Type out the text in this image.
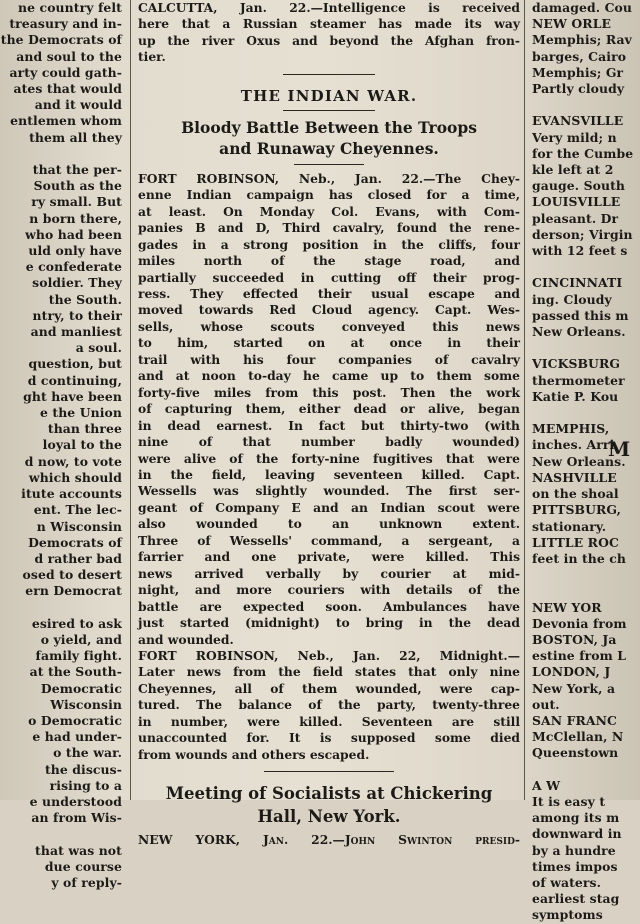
ne country felt
treasury and in-
the Democrats of
and soul to the
arty could gath-
ates that would
and it would
entlemen whom
them all they

that the per-
South as the
ry small. But
n born there,
who had been
uld only have
e confederate
soldier. They
the South.
ntry, to their
and manliest
a soul.
question, but
d continuing,
ght have been
e the Union
than three
loyal to the
d now, to vote
which should
itute accounts
ent. The lec-
n Wisconsin
Democrats of
d rather bad
osed to desert
ern Democrat

esired to ask
o yield, and
family fight.
at the South-
Democratic
Wisconsin
o Democratic
e had under-
o the war.
the discus-
rising to a
e understood
an from Wis-

that was not
due course
y of reply-
CALCUTTA, Jan. 22.—Intelligence is received
here that a Russian steamer has made its way
up the river Oxus and beyond the Afghan fron-
tier.
THE INDIAN WAR.
Bloody Battle Between the Troops
and Runaway Cheyennes.
FORT ROBINSON, Neb., Jan. 22.—The Chey-
enne Indian campaign has closed for a time,
at least. On Monday Col. Evans, with Com-
panies B and D, Third cavalry, found the rene-
gades in a strong position in the cliffs, four
miles north of the stage road, and
partially succeeded in cutting off their prog-
ress. They effected their usual escape and
moved towards Red Cloud agency. Capt. Wes-
sells, whose scouts conveyed this news
to him, started on at once in their
trail with his four companies of cavalry
and at noon to-day he came up to them some
forty-five miles from this post. Then the work
of capturing them, either dead or alive, began
in dead earnest. In fact but thirty-two (with
nine of that number badly wounded)
were alive of the forty-nine fugitives that were
in the field, leaving seventeen killed. Capt.
Wessells was slightly wounded. The first ser-
geant of Company E and an Indian scout were
also wounded to an unknown extent.
Three of Wessells' command, a sergeant, a
farrier and one private, were killed. This
news arrived verbally by courier at mid-
night, and more couriers with details of the
battle are expected soon. Ambulances have
just started (midnight) to bring in the dead
and wounded.
FORT ROBINSON, Neb., Jan. 22, Midnight.—
Later news from the field states that only nine
Cheyennes, all of them wounded, were cap-
tured. The balance of the party, twenty-three
in number, were killed. Seventeen are still
unaccounted for. It is supposed some died
from wounds and others escaped.
Meeting of Socialists at Chickering
Hall, New York.
NEW YORK, Jan. 22.—John Swinton presid-
damaged. Cou
NEW ORLE
Memphis; Rav
barges, Cairo
Memphis; Gr
Partly cloudy

EVANSVILLE
Very mild; n
for the Cumbe
kle left at 2
gauge. South
LOUISVILLE
pleasant. Dr
derson; Virgin
with 12 feet s

CINCINNATI
ing. Cloudy
passed this m
New Orleans.

VICKSBURG
thermometer
Katie P. Kou

MEMPHIS,
inches. Arri
New Orleans.
NASHVILLE
on the shoal
PITTSBURG,
stationary.
LITTLE ROC
feet in the ch

NEW YOR
Devonia from
BOSTON, Ja
estine from L
LONDON, J
New York, a
out.
SAN FRANC
McClellan, N
Queenstown

A W
It is easy t
among its m
downward in
by a hundre
times impos
of waters.
earliest stag
symptoms
M
